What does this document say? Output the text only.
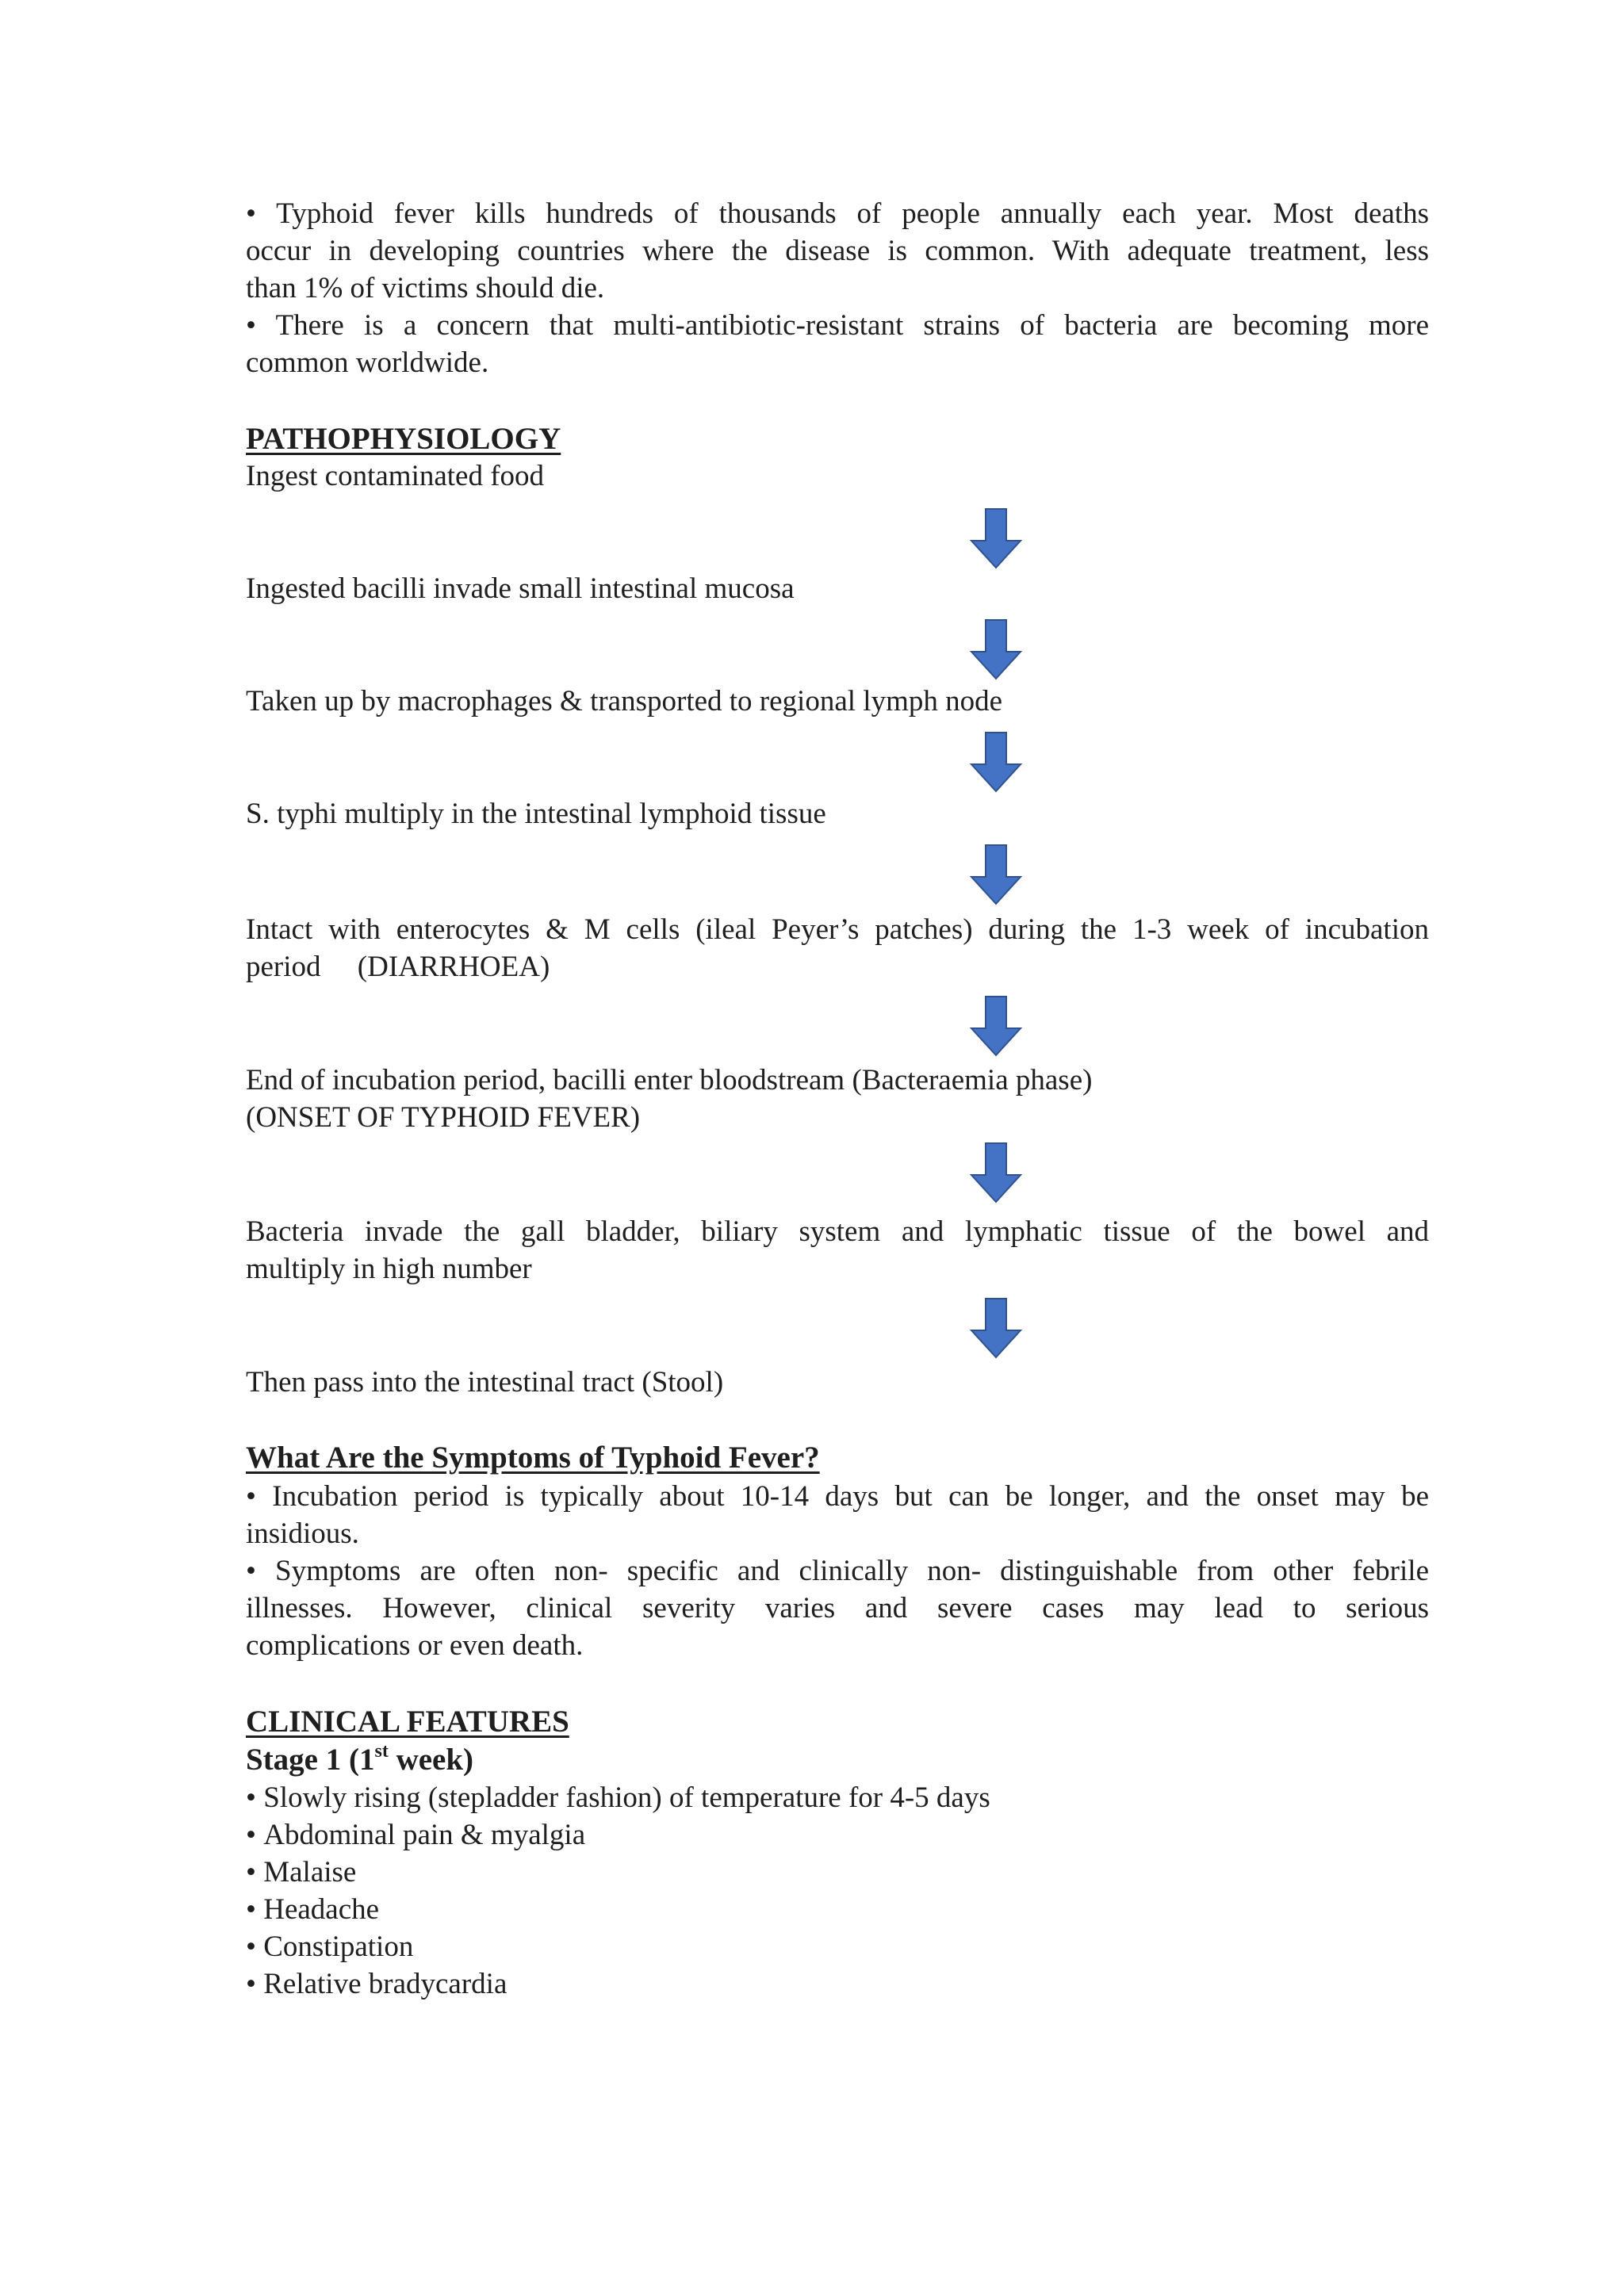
• Typhoid fever kills hundreds of thousands of people annually each year. Most deaths
occur in developing countries where the disease is common. With adequate treatment, less
than 1% of victims should die.
• There is a concern that multi-antibiotic-resistant strains of bacteria are becoming more
common worldwide.
PATHOPHYSIOLOGY
Ingest contaminated food
Ingested bacilli invade small intestinal mucosa
Taken up by macrophages & transported to regional lymph node
S. typhi multiply in the intestinal lymphoid tissue
Intact with enterocytes & M cells (ileal Peyer’s patches) during the 1-3 week of incubation
period     (DIARRHOEA)
End of incubation period, bacilli enter bloodstream (Bacteraemia phase)
(ONSET OF TYPHOID FEVER)
Bacteria invade the gall bladder, biliary system and lymphatic tissue of the bowel and
multiply in high number
Then pass into the intestinal tract (Stool)
What Are the Symptoms of Typhoid Fever?
• Incubation period is typically about 10-14 days but can be longer, and the onset may be
insidious.
• Symptoms are often non- specific and clinically non- distinguishable from other febrile
illnesses. However, clinical severity varies and severe cases may lead to serious
complications or even death.
CLINICAL FEATURES
Stage 1 (1st week)
• Slowly rising (stepladder fashion) of temperature for 4-5 days
• Abdominal pain & myalgia
• Malaise
• Headache
• Constipation
• Relative bradycardia
